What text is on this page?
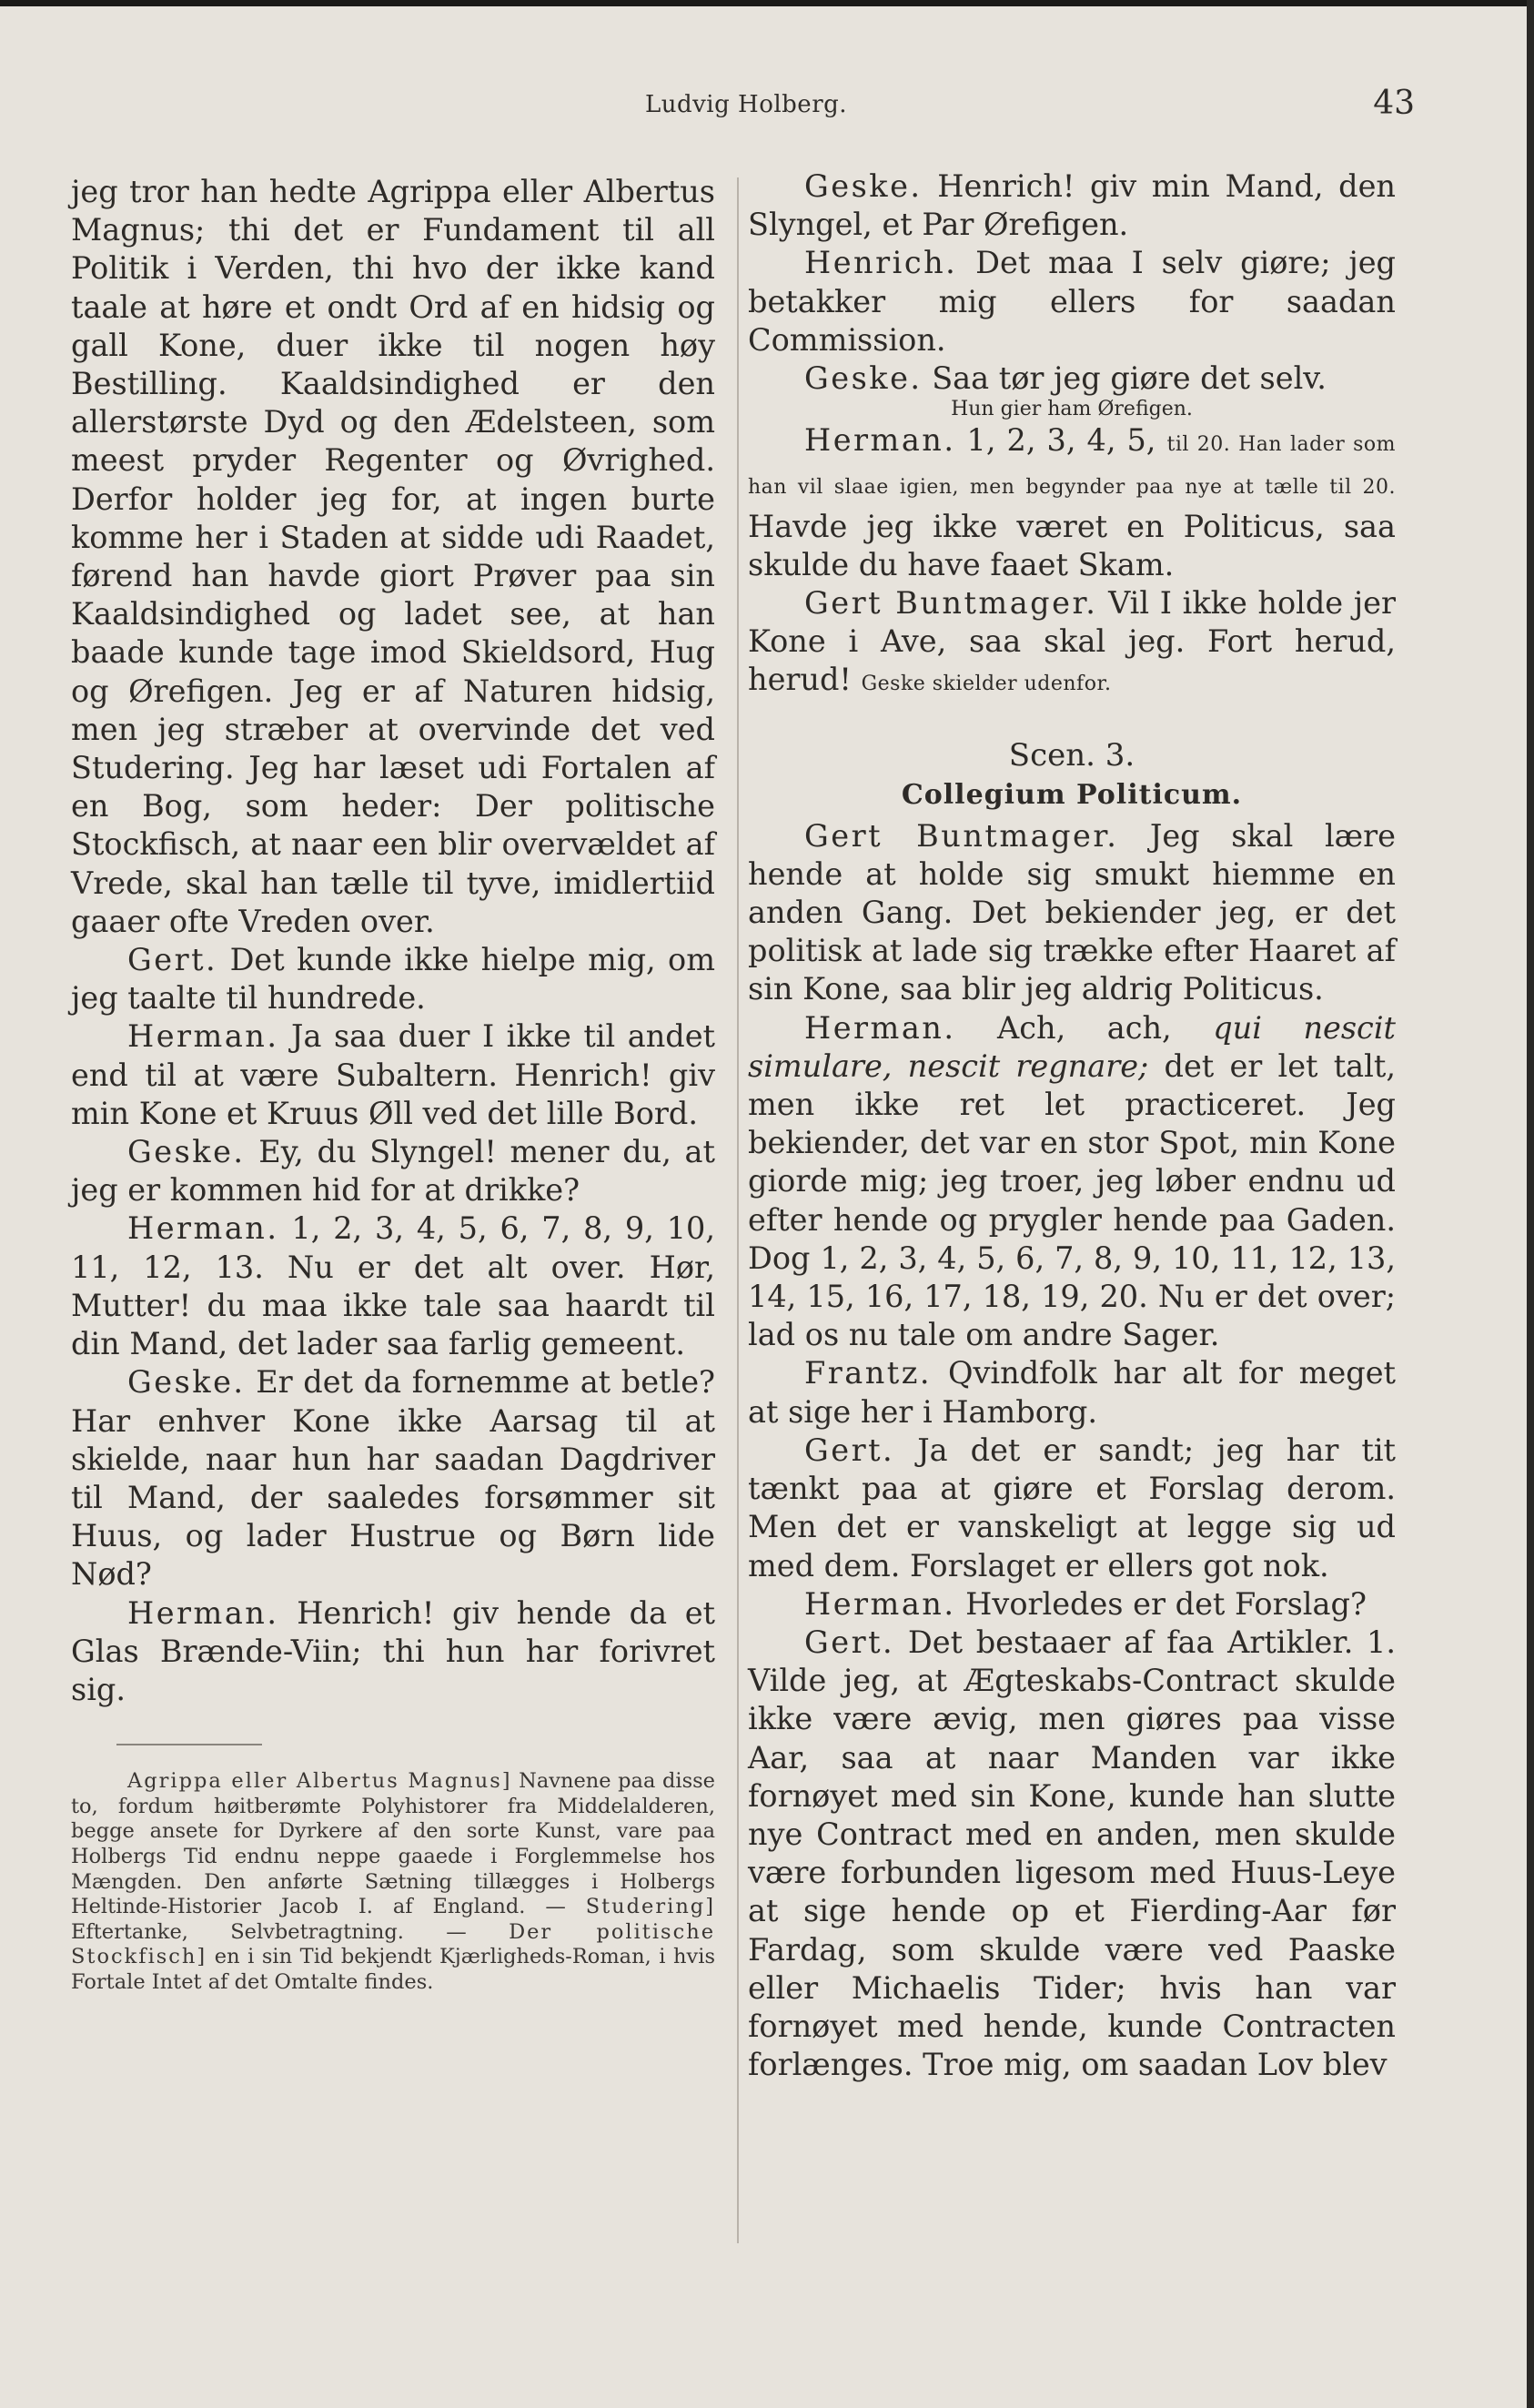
Ludvig Holberg.	43

jeg tror han hedte Agrippa eller Albertus Magnus; thi det er Fundament til all Politik i Verden, thi hvo der ikke kand taale at høre et ondt Ord af en hidsig og gall Kone, duer ikke til nogen høy Bestilling. Kaaldsindighed er den allerstørste Dyd og den Ædelsteen, som meest pryder Regenter og Øvrighed. Derfor holder jeg for, at ingen burte komme her i Staden at sidde udi Raadet, førend han havde giort Prøver paa sin Kaaldsindighed og ladet see, at han baade kunde tage imod Skieldsord, Hug og Ørefigen. Jeg er af Naturen hidsig, men jeg stræber at overvinde det ved Studering. Jeg har læset udi Fortalen af en Bog, som heder: Der politische Stockfisch, at naar een blir overvældet af Vrede, skal han tælle til tyve, imidlertiid gaaer ofte Vreden over.

Gert. Det kunde ikke hielpe mig, om jeg taalte til hundrede.

Herman. Ja saa duer I ikke til andet end til at være Subaltern. Henrich! giv min Kone et Kruus Øll ved det lille Bord.

Geske. Ey, du Slyngel! mener du, at jeg er kommen hid for at drikke?

Herman. 1, 2, 3, 4, 5, 6, 7, 8, 9, 10, 11, 12, 13. Nu er det alt over. Hør, Mutter! du maa ikke tale saa haardt til din Mand, det lader saa farlig gemeent.

Geske. Er det da fornemme at betle? Har enhver Kone ikke Aarsag til at skielde, naar hun har saadan Dagdriver til Mand, der saaledes forsømmer sit Huus, og lader Hustrue og Børn lide Nød?

Herman. Henrich! giv hende da et Glas Brænde-Viin; thi hun har forivret sig.

Agrippa eller Albertus Magnus] Navnene paa disse to, fordum høitberømte Polyhistorer fra Middelalderen, begge ansete for Dyrkere af den sorte Kunst, vare paa Holbergs Tid endnu neppe gaaede i Forglemmelse hos Mængden. Den anførte Sætning tillægges i Holbergs Heltinde-Historier Jacob I. af England. — Studering] Eftertanke, Selvbetragtning. — Der politische Stockfisch] en i sin Tid bekjendt Kjærligheds-Roman, i hvis Fortale Intet af det Omtalte findes.

Geske. Henrich! giv min Mand, den Slyngel, et Par Ørefigen.

Henrich. Det maa I selv giøre; jeg betakker mig ellers for saadan Commission.

Geske. Saa tør jeg giøre det selv.

Hun gier ham Ørefigen.

Herman. 1, 2, 3, 4, 5, til 20. Han lader som han vil slaae igien, men begynder paa nye at tælle til 20. Havde jeg ikke været en Politicus, saa skulde du have faaet Skam.

Gert Buntmager. Vil I ikke holde jer Kone i Ave, saa skal jeg. Fort herud, herud! Geske skielder udenfor.

Scen. 3.
Collegium Politicum.

Gert Buntmager. Jeg skal lære hende at holde sig smukt hiemme en anden Gang. Det bekiender jeg, er det politisk at lade sig trække efter Haaret af sin Kone, saa blir jeg aldrig Politicus.

Herman. Ach, ach, qui nescit simulare, nescit regnare; det er let talt, men ikke ret let practiceret. Jeg bekiender, det var en stor Spot, min Kone giorde mig; jeg troer, jeg løber endnu ud efter hende og prygler hende paa Gaden. Dog 1, 2, 3, 4, 5, 6, 7, 8, 9, 10, 11, 12, 13, 14, 15, 16, 17, 18, 19, 20. Nu er det over; lad os nu tale om andre Sager.

Frantz. Qvindfolk har alt for meget at sige her i Hamborg.

Gert. Ja det er sandt; jeg har tit tænkt paa at giøre et Forslag derom. Men det er vanskeligt at legge sig ud med dem. Forslaget er ellers got nok.

Herman. Hvorledes er det Forslag?

Gert. Det bestaaer af faa Artikler. 1. Vilde jeg, at Ægteskabs-Contract skulde ikke være ævig, men giøres paa visse Aar, saa at naar Manden var ikke fornøyet med sin Kone, kunde han slutte nye Contract med en anden, men skulde være forbunden ligesom med Huus-Leye at sige hende op et Fierding-Aar før Fardag, som skulde være ved Paaske eller Michaelis Tider; hvis han var fornøyet med hende, kunde Contracten forlænges. Troe mig, om saadan Lov blev
